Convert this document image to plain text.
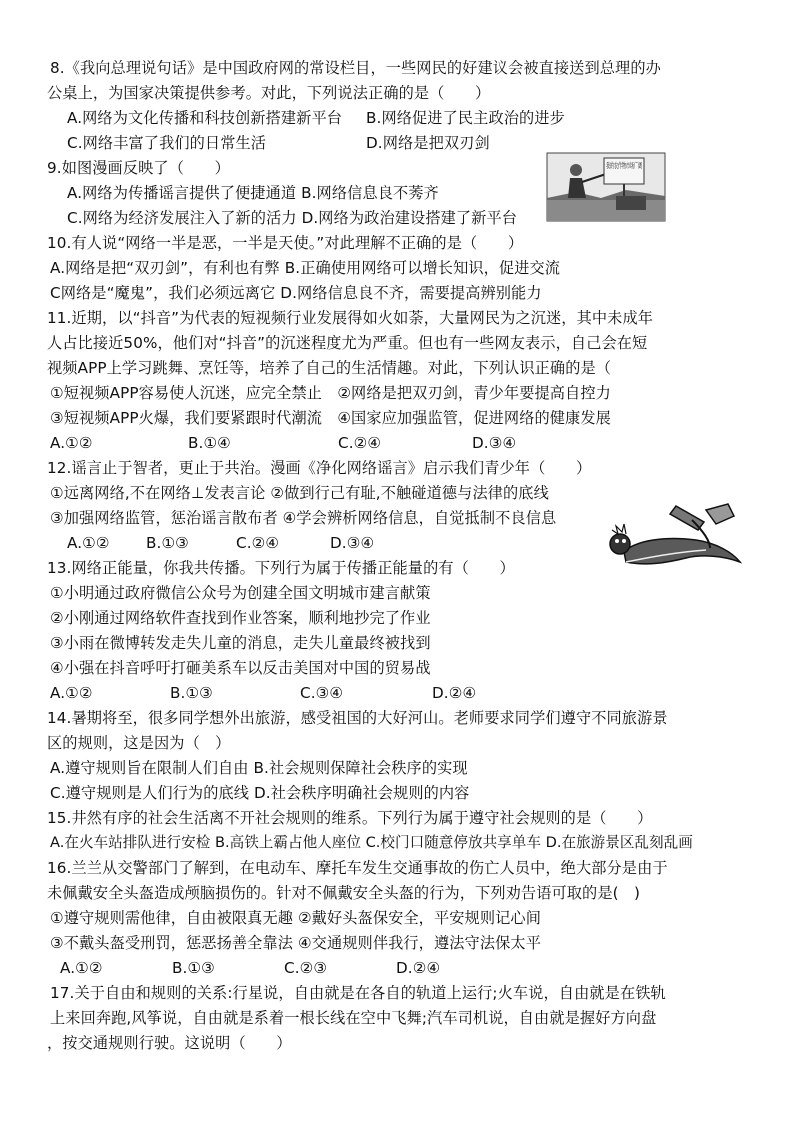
8.《我向总理说句话》是中国政府网的常设栏目，一些网民的好建议会被直接送到总理的办
公桌上，为国家决策提供参考。对此，下列说法正确的是（　　）
A.网络为文化传播和科技创新搭建新平台 B.网络促进了民主政治的进步
C.网络丰富了我们的日常生活	D.网络是把双刃剑
9.如图漫画反映了（　　）
A.网络为传播谣言提供了便捷通道 B.网络信息良不莠齐
C.网络为经济发展注入了新的活力 D.网络为政治建设搭建了新平台
我的农作物市场广阔
10.有人说“网络一半是恶，一半是天使。”对此理解不正确的是（　　）
A.网络是把“双刃剑”，有利也有弊 B.正确使用网络可以增长知识，促进交流
C网络是“魔鬼”，我们必须远离它 D.网络信息良不齐，需要提高辨别能力
11.近期，以“抖音”为代表的短视频行业发展得如火如荼，大量网民为之沉迷，其中未成年
人占比接近50%，他们对“抖音”的沉迷程度尤为严重。但也有一些网友表示，自己会在短
视频APP上学习跳舞、烹饪等，培养了自己的生活情趣。对此，下列认识正确的是（
①短视频APP容易使人沉迷，应完全禁止　②网络是把双刃剑，青少年要提高自控力
③短视频APP火爆，我们要紧跟时代潮流　④国家应加强监管，促进网络的健康发展
A.①②	B.①④	C.②④	D.③④
12.谣言止于智者，更止于共治。漫画《净化网络谣言》启示我们青少年（　　）
①远离网络,不在网络⊥发表言论 ②做到行己有耻,不触碰道德与法律的底线
③加强网络监管，惩治谣言散布者 ④学会辨析网络信息，自觉抵制不良信息
A.①② B.①③	C.②④	D.③④
13.网络正能量，你我共传播。下列行为属于传播正能量的有（　　）
①小明通过政府微信公众号为创建全国文明城市建言献策
②小刚通过网络软件查找到作业答案，顺利地抄完了作业
③小雨在微博转发走失儿童的消息，走失儿童最终被找到
④小强在抖音呼吁打砸美系车以反击美国对中国的贸易战
A.①②	B.①③	C.③④	D.②④
14.暑期将至，很多同学想外出旅游，感受祖国的大好河山。老师要求同学们遵守不同旅游景
区的规则，这是因为（　）
A.遵守规则旨在限制人们自由 B.社会规则保障社会秩序的实现
C.遵守规则是人们行为的底线 D.社会秩序明确社会规则的内容
15.井然有序的社会生活离不开社会规则的维系。下列行为属于遵守社会规则的是（　　）
A.在火车站排队进行安检 B.高铁上霸占他人座位 C.校门口随意停放共享单车 D.在旅游景区乱刻乱画
16.兰兰从交警部门了解到，在电动车、摩托车发生交通事故的伤亡人员中，绝大部分是由于
未佩戴安全头盔造成颅脑损伤的。针对不佩戴安全头盔的行为，下列劝告语可取的是(　)
①遵守规则需他律，自由被限真无趣 ②戴好头盔保安全，平安规则记心间
③不戴头盔受刑罚，惩恶扬善全靠法 ④交通规则伴我行，遵法守法保太平
A.①②	B.①③	C.②③	D.②④
17.关于自由和规则的关系:行星说，自由就是在各自的轨道上运行;火车说，自由就是在铁轨
上来回奔跑,风筝说，自由就是系着一根长线在空中飞舞;汽车司机说，自由就是握好方向盘
，按交通规则行驶。这说明（　　）
